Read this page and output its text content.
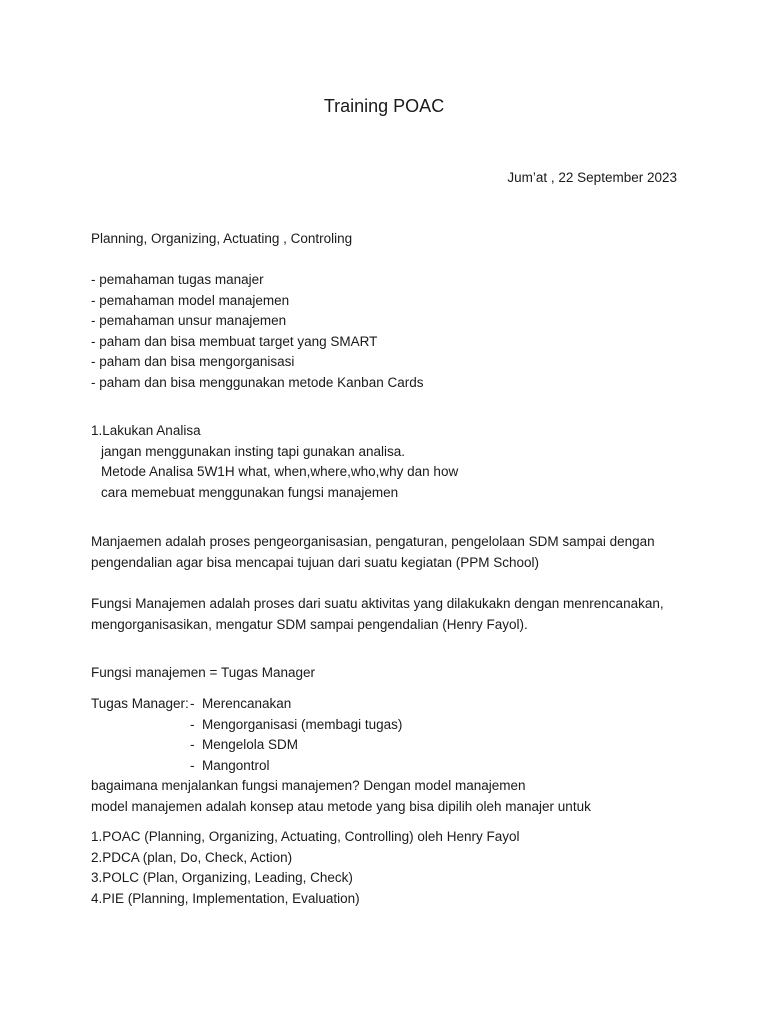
Training POAC
Jum’at , 22 September 2023
Planning, Organizing, Actuating , Controling
- pemahaman tugas manajer
- pemahaman model manajemen
- pemahaman unsur manajemen
- paham dan bisa membuat target yang SMART
- paham dan bisa mengorganisasi
- paham dan bisa menggunakan metode Kanban Cards
1.Lakukan Analisa
jangan menggunakan insting tapi gunakan analisa.
Metode Analisa 5W1H what, when,where,who,why dan how
cara memebuat menggunakan fungsi manajemen
Manjaemen adalah proses pengeorganisasian, pengaturan, pengelolaan SDM sampai dengan
pengendalian agar bisa mencapai tujuan dari suatu kegiatan (PPM School)
Fungsi Manajemen adalah proses dari suatu aktivitas yang dilakukakn dengan menrencanakan,
mengorganisasikan, mengatur SDM sampai pengendalian (Henry Fayol).
Fungsi manajemen = Tugas Manager
Tugas Manager: - Merencanakan
- Mengorganisasi (membagi tugas)
- Mengelola SDM
- Mangontrol
bagaimana menjalankan fungsi manajemen? Dengan model manajemen
model manajemen adalah konsep atau metode yang bisa dipilih oleh manajer untuk
1.POAC (Planning, Organizing, Actuating, Controlling) oleh Henry Fayol
2.PDCA (plan, Do, Check, Action)
3.POLC (Plan, Organizing, Leading, Check)
4.PIE (Planning, Implementation, Evaluation)
